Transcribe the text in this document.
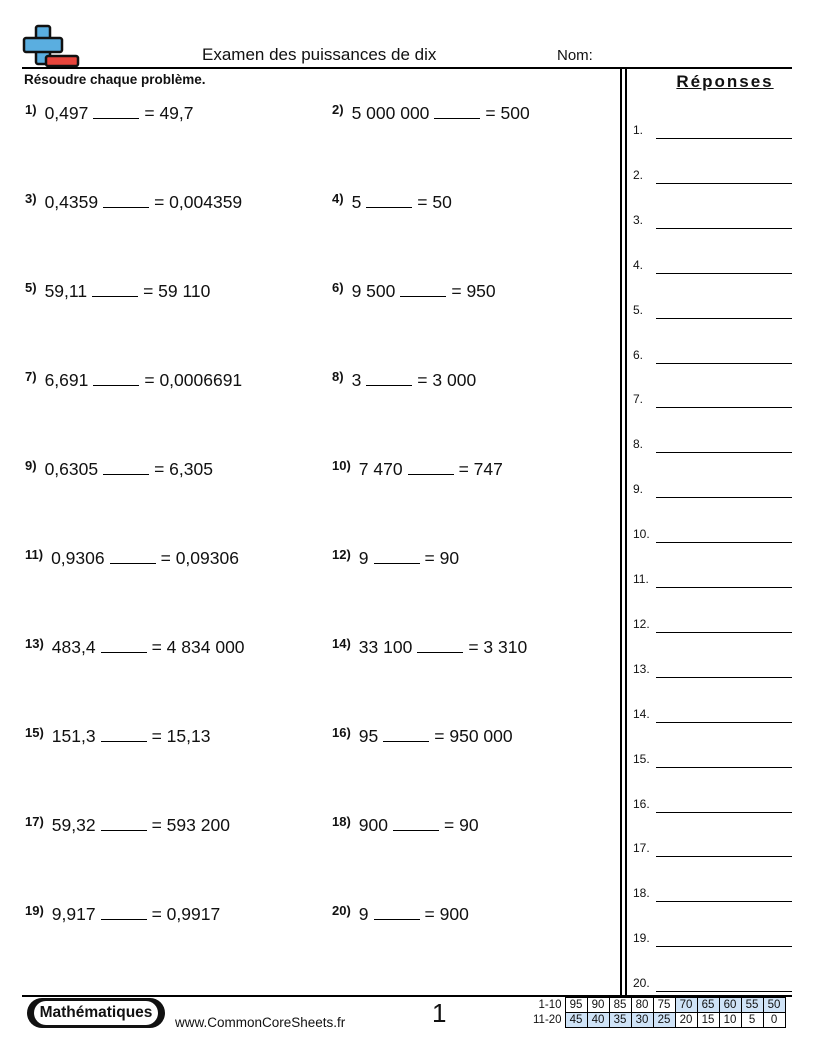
Examen des puissances de dix	Nom:
Résoudre chaque problème.	Réponses
$^{1)}$ 0,497	= 49,7	$^{2)}$ 5 000 000	= 500
$^{3)}$ 0,4359	= 0,004359	$^{4)}$ 5	= 50
$^{5)}$ 59,11	= 59 110	$^{6)}$ 9 500	= 950
$^{7)}$ 6,691	= 0,0006691	$^{8)}$ 3	= 3 000
$^{9)}$ 0,6305	= 6,305	$^{10)}$ 7 470	= 747
$^{11)}$ 0,9306	= 0,09306	$^{12)}$ 9	= 90
$^{13)}$ 483,4	= 4 834 000	$^{14)}$ 33 100	= 3 310
$^{15)}$ 151,3	= 15,13	$^{16)}$ 95	= 950 000
$^{17)}$ 59,32	= 593 200	$^{18)}$ 900	= 90
$^{19)}$ 9,917	= 0,9917	$^{20)}$ 9	= 900
1.
2.
3.
4.
5.
6.
7.
8.
9.
10.
11.
12.
13.
14.
15.
16.
17.
18.
19.
20.
Mathématiques
www.CommonCoreSheets.fr	1	1-10	95	90	85	80	75	70	65	60	55	50
11-20	45	40	35	30	25	20	15	10	5	0
